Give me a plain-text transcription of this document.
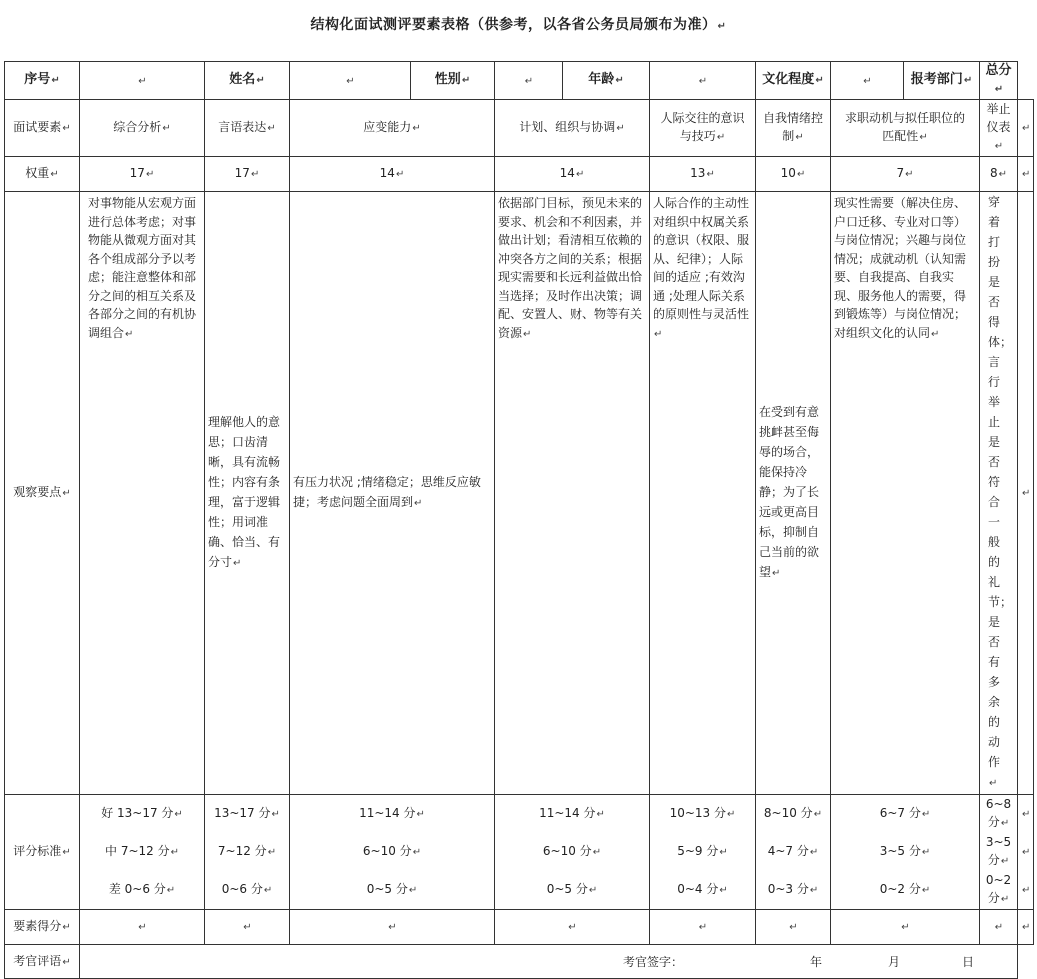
结构化面试测评要素表格（供参考，以各省公务员局颁布为准）↵
序号↵	↵	姓名↵	↵	性别↵	↵	年龄↵	↵	文化程度↵	↵	报考部门↵	总分↵	
面试要素↵	综合分析↵	言语表达↵	应变能力↵		计划、组织与协调↵		人际交往的意识与技巧↵	自我情绪控制↵	求职动机与拟任职位的匹配性↵		举止仪表↵	↵
权重↵	17↵	17↵	14↵		14↵		13↵	10↵	7↵		8↵	↵
观察要点↵	对事物能从宏观方面进行总体考虑；对事物能从微观方面对其各个组成部分予以考虑；能注意整体和部分之间的相互关系及各部分之间的有机协调组合↵	理解他人的意思；口齿清晰，具有流畅性；内容有条理，富于逻辑性；用词准确、恰当、有分寸↵	有压力状况 ;情绪稳定；思维反应敏捷；考虑问题全面周到↵		依据部门目标，预见未来的要求、机会和不利因素，并做出计划；看清相互依赖的冲突各方之间的关系；根据现实需要和长远利益做出恰当选择；及时作出决策；调配、安置人、财、物等有关资源↵		人际合作的主动性 对组织中权属关系的意识（权限、服从、纪律）；人际间的适应 ;有效沟通 ;处理人际关系的原则性与灵活性↵	在受到有意挑衅甚至侮辱的场合，能保持冷静；为了长远或更高目标，抑制自己当前的欲望↵	现实性需要（解决住房、户口迁移、专业对口等）与岗位情况；兴趣与岗位情况；成就动机（认知需要、自我提高、自我实现、服务他人的需要，得到锻炼等）与岗位情况；对组织文化的认同↵		穿着打扮是否得体；言行举止是否符合一般的礼节；是否有多余的动作↵	↵
评分标准↵	好 13~17 分↵	13~17 分↵	11~14 分↵		11~14 分↵		10~13 分↵	8~10 分↵	6~7 分↵		6~8 分↵	↵
	中 7~12 分↵	7~12 分↵	6~10 分↵		6~10 分↵		5~9 分↵	4~7 分↵	3~5 分↵		3~5 分↵	↵
	差 0~6 分↵	0~6 分↵	0~5 分↵		0~5 分↵		0~4 分↵	0~3 分↵	0~2 分↵		0~2 分↵	↵
要素得分↵	↵	↵	↵		↵		↵	↵	↵		↵	↵
考官评语↵	考官签字： 年 月 日											
